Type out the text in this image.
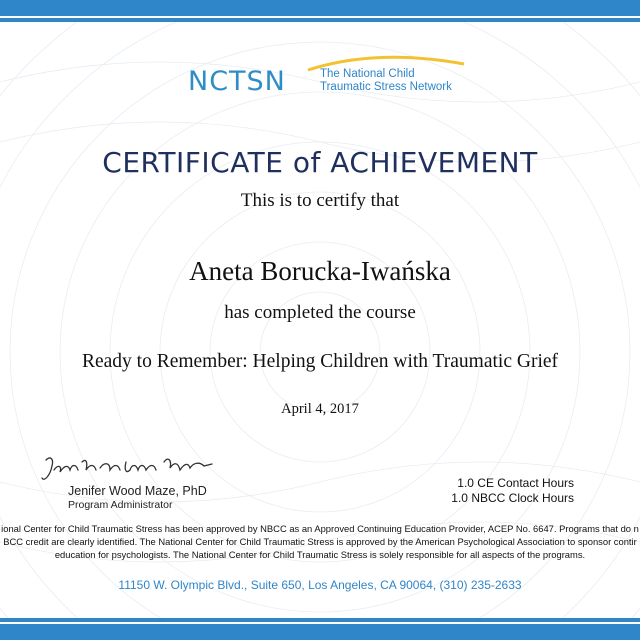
NCTSN	The National Child
Traumatic Stress Network
CERTIFICATE of ACHIEVEMENT
This is to certify that
Aneta Borucka-Iwańska
has completed the course
Ready to Remember: Helping Children with Traumatic Grief
April 4, 2017
Jenifer Wood Maze, PhD
Program Administrator
1.0 CE Contact Hours
1.0 NBCC Clock Hours
ional Center for Child Traumatic Stress has been approved by NBCC as an Approved Continuing Education Provider, ACEP No. 6647. Programs that do n
BCC credit are clearly identified. The National Center for Child Traumatic Stress is approved by the American Psychological Association to sponsor contir
education for psychologists. The National Center for Child Traumatic Stress is solely responsible for all aspects of the programs.
11150 W. Olympic Blvd., Suite 650, Los Angeles, CA 90064, (310) 235-2633
